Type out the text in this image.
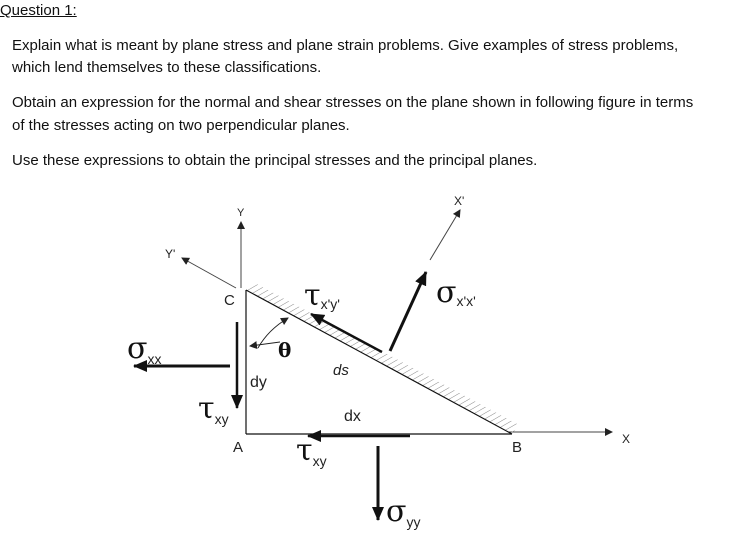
Question 1:
Explain what is meant by plane stress and plane strain problems. Give examples of stress problems,
which lend themselves to these classifications.
Obtain an expression for the normal and shear stresses on the plane shown in following figure in terms
of the stresses acting on two perpendicular planes.
Use these expressions to obtain the principal stresses and the principal planes.
Y
Y'
X
X'
C
A	B
θ
dy
dx
ds
σxx
τxy
τxy
τx'y'	σx'x'
σyy
